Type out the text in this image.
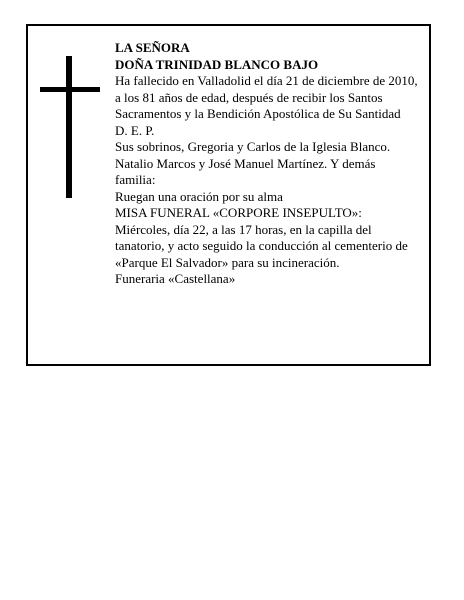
LA SEÑORA

DOÑA TRINIDAD BLANCO BAJO

Ha fallecido en Valladolid el día 21 de diciembre de 2010, a los 81 años de edad, después de recibir los Santos Sacramentos y la Bendición Apostólica de Su Santidad

D. E. P.

Sus sobrinos, Gregoria y Carlos de la Iglesia Blanco. Natalio Marcos y José Manuel Martínez. Y demás familia:

Ruegan una oración por su alma

MISA FUNERAL «CORPORE INSEPULTO»:

Miércoles, día 22, a las 17 horas, en la capilla del tanatorio, y acto seguido la conducción al cementerio de «Parque El Salvador» para su incineración.

Funeraria «Castellana»
